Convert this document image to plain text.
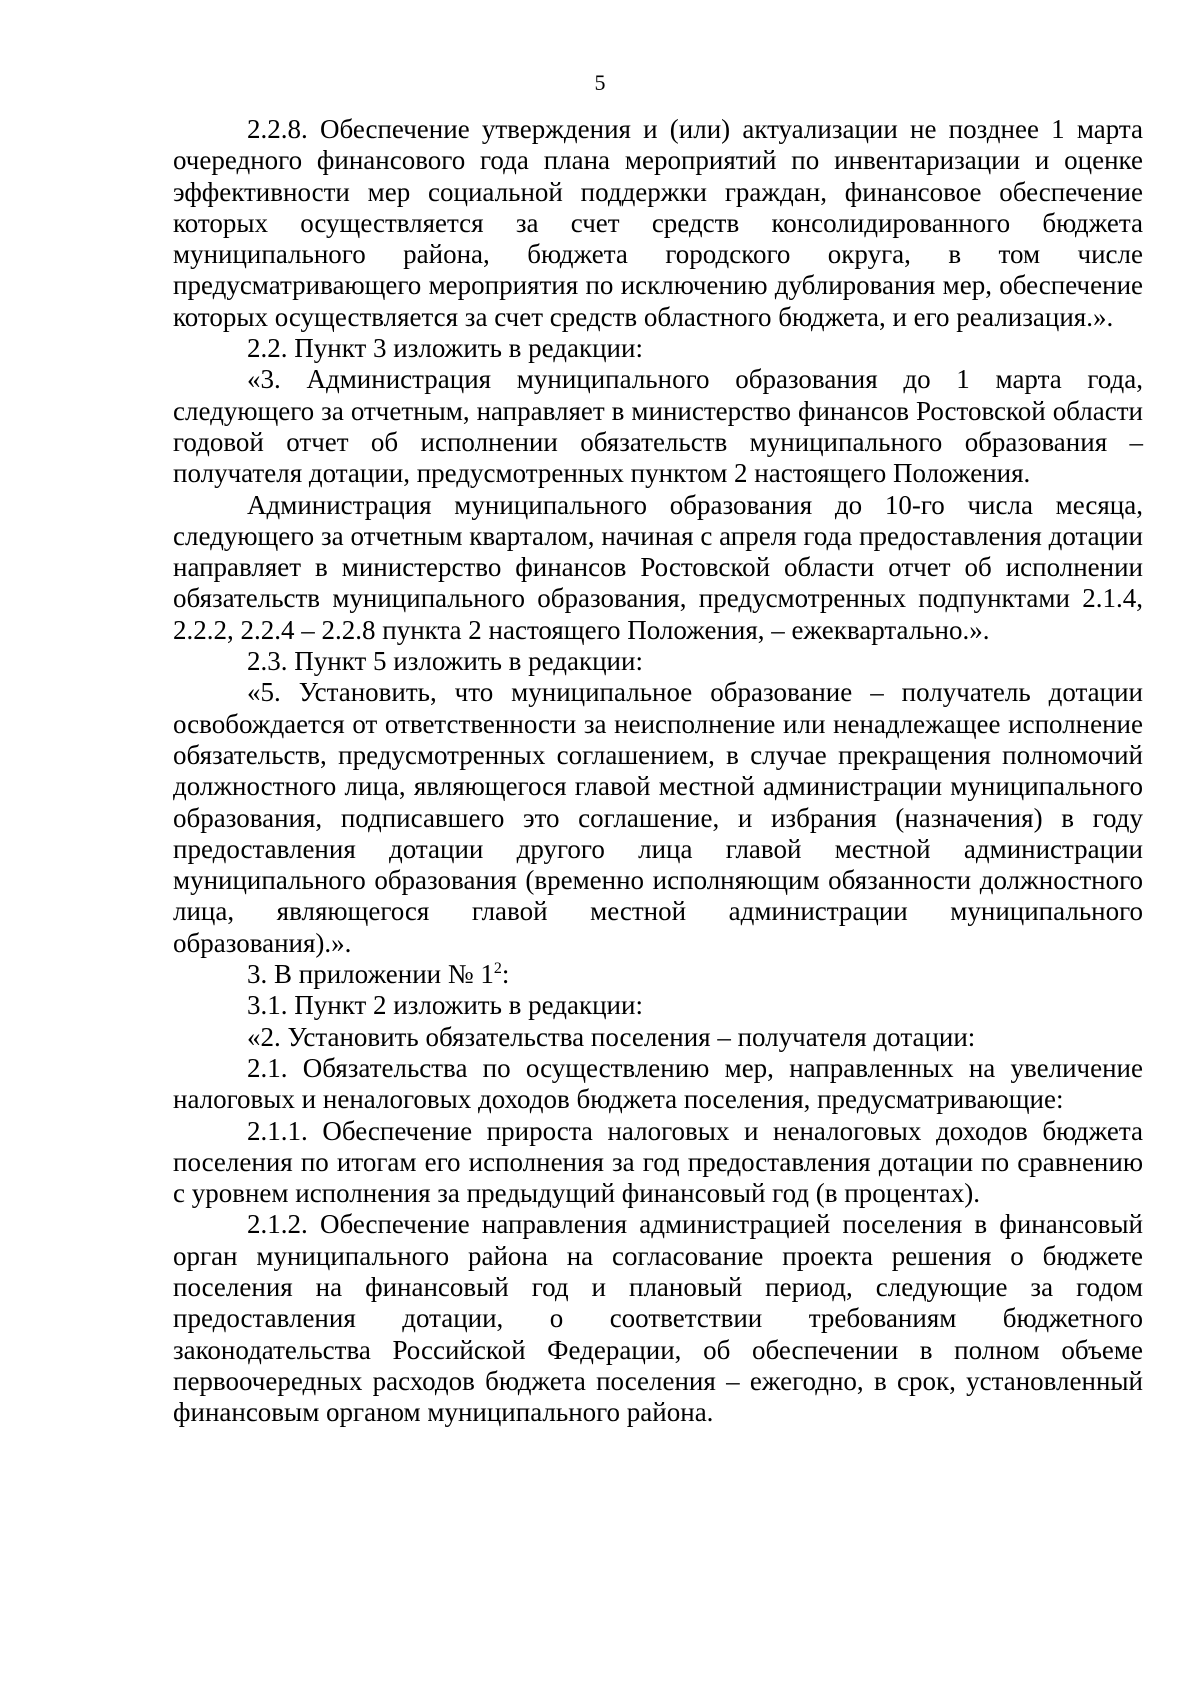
5

2.2.8. Обеспечение утверждения и (или) актуализации не позднее 1 марта очередного финансового года плана мероприятий по инвентаризации и оценке эффективности мер социальной поддержки граждан, финансовое обеспечение которых осуществляется за счет средств консолидированного бюджета муниципального района, бюджета городского округа, в том числе предусматривающего мероприятия по исключению дублирования мер, обеспечение которых осуществляется за счет средств областного бюджета, и его реализация.».

2.2. Пункт 3 изложить в редакции:

«3. Администрация муниципального образования до 1 марта года, следующего за отчетным, направляет в министерство финансов Ростовской области годовой отчет об исполнении обязательств муниципального образования – получателя дотации, предусмотренных пунктом 2 настоящего Положения.

Администрация муниципального образования до 10-го числа месяца, следующего за отчетным кварталом, начиная с апреля года предоставления дотации направляет в министерство финансов Ростовской области отчет об исполнении обязательств муниципального образования, предусмотренных подпунктами 2.1.4, 2.2.2, 2.2.4 – 2.2.8 пункта 2 настоящего Положения, – ежеквартально.».

2.3. Пункт 5 изложить в редакции:

«5. Установить, что муниципальное образование – получатель дотации освобождается от ответственности за неисполнение или ненадлежащее исполнение обязательств, предусмотренных соглашением, в случае прекращения полномочий должностного лица, являющегося главой местной администрации муниципального образования, подписавшего это соглашение, и избрания (назначения) в году предоставления дотации другого лица главой местной администрации муниципального образования (временно исполняющим обязанности должностного лица, являющегося главой местной администрации муниципального образования).».

3. В приложении № $1^2$:

3.1. Пункт 2 изложить в редакции:

«2. Установить обязательства поселения – получателя дотации:

2.1. Обязательства по осуществлению мер, направленных на увеличение налоговых и неналоговых доходов бюджета поселения, предусматривающие:

2.1.1. Обеспечение прироста налоговых и неналоговых доходов бюджета поселения по итогам его исполнения за год предоставления дотации по сравнению с уровнем исполнения за предыдущий финансовый год (в процентах).

2.1.2. Обеспечение направления администрацией поселения в финансовый орган муниципального района на согласование проекта решения о бюджете поселения на финансовый год и плановый период, следующие за годом предоставления дотации, о соответствии требованиям бюджетного законодательства Российской Федерации, об обеспечении в полном объеме первоочередных расходов бюджета поселения – ежегодно, в срок, установленный финансовым органом муниципального района.
